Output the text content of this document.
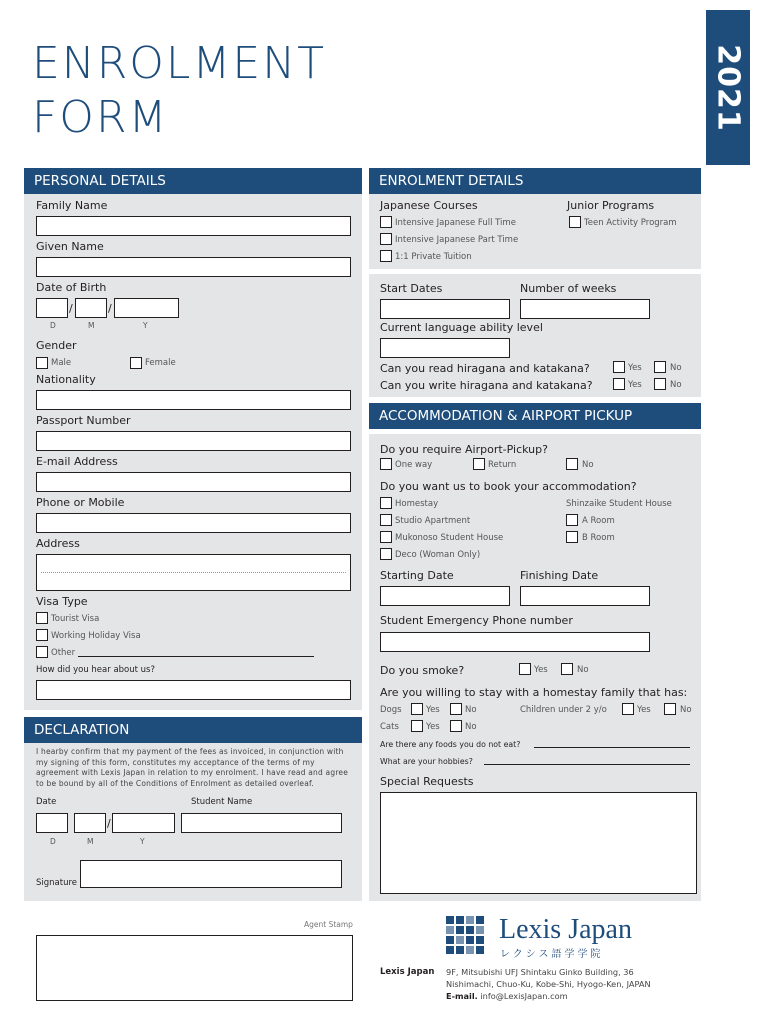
ENROLMENT
FORM	2021
PERSONAL DETAILS
Family Name
Given Name
Date of Birth
/	/
D	M	Y
Gender
Male	Female
Nationality
Passport Number
E-mail Address
Phone or Mobile
Address
Visa Type
Tourist Visa
Working Holiday Visa
Other
How did you hear about us?
DECLARATION
I hearby confirm that my payment of the fees as invoiced, in conjunction with my signing of this form, constitutes my acceptance of the terms of my agreement with Lexis Japan in relation to my enrolment. I have read and agree to be bound by all of the Conditions of Enrolment as detailed overleaf.
Date	Student Name
/
D	M	Y
Signature
ENROLMENT DETAILS
Japanese Courses	Junior Programs
Intensive Japanese Full Time	Teen Activity Program
Intensive Japanese Part Time
1:1 Private Tuition
Start Dates	Number of weeks
Current language ability level
Can you read hiragana and katakana?	Yes	No
Can you write hiragana and katakana?	Yes	No
ACCOMMODATION & AIRPORT PICKUP
Do you require Airport-Pickup?
One way	Return	No
Do you want us to book your accommodation?
Homestay	Shinzaike Student House
Studio Apartment	A Room
Mukonoso Student House	B Room
Deco (Woman Only)
Starting Date	Finishing Date
Student Emergency Phone number
Do you smoke?	Yes	No
Are you willing to stay with a homestay family that has:
Dogs	Yes	No	Children under 2 y/o	Yes	No
Cats	Yes	No
Are there any foods you do not eat?
What are your hobbies?
Special Requests
Agent Stamp
	Lexis Japan
レクシス語学学院
Lexis Japan 9F, Mitsubishi UFJ Shintaku Ginko Building, 36
Nishimachi, Chuo-Ku, Kobe-Shi, Hyogo-Ken, JAPAN
E-mail. info@LexisJapan.com
